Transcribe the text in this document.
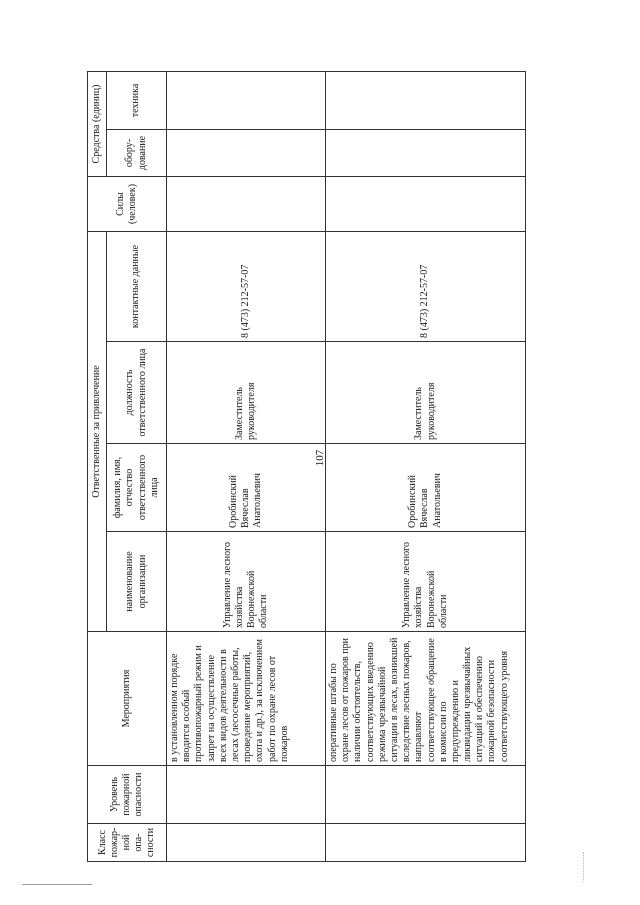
107
Класс пожар-ной опа-сности	Уровень пожарной опасности	Мероприятия	Ответственные за привлечение				Силы (человек)	Средства (единиц)	
			наименование организации	фамилия, имя, отчество ответственного лица	должность ответственного лица	контактные данные		обору-дование	техника
		в установленном порядке вводится особый противопожарный режим и запрет на осуществление всех видов деятельности в лесах (лесосечные работы, проведение мероприятий, охота и др.), за исключением работ по охране лесов от пожаров	Управление лесного хозяйства Воронежской области	Оробинский Вячеслав Анатольевич	Заместитель руководителя	8 (473) 212-57-07			
		оперативные штабы по охране лесов от пожаров при наличии обстоятельств, соответствующих введению режима чрезвычайной ситуации в лесах, возникшей вследствие лесных пожаров, направляют соответствующее обращение в комиссии по предупреждению и ликвидации чрезвычайных ситуаций и обеспечению пожарной безопасности соответствующего уровня	Управление лесного хозяйства Воронежской области	Оробинский Вячеслав Анатольевич	Заместитель руководителя	8 (473) 212-57-07			
